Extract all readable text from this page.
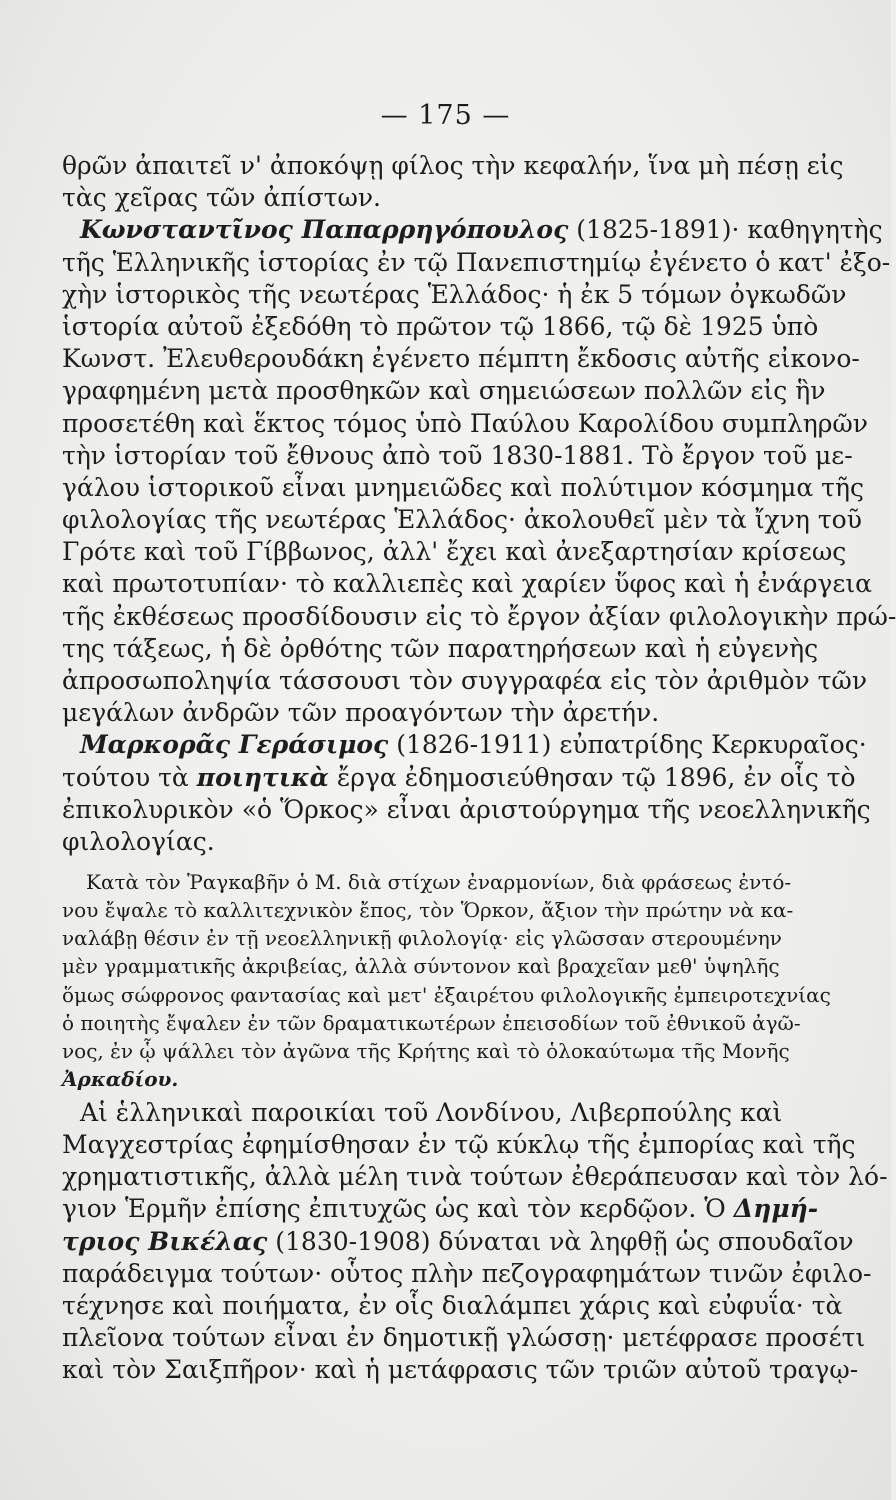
— 175 —
θρῶν ἀπαιτεῖ ν' ἀποκόψῃ φίλος τὴν κεφαλήν, ἵνα μὴ πέσῃ εἰς
τὰς χεῖρας τῶν ἀπίστων.
Κωνσταντῖνος Παπαρρηγόπουλος (1825-1891)· καθηγητὴς
τῆς Ἑλληνικῆς ἱστορίας ἐν τῷ Πανεπιστημίῳ ἐγένετο ὁ κατ' ἐξο-
χὴν ἱστορικὸς τῆς νεωτέρας Ἑλλάδος· ἡ ἐκ 5 τόμων ὀγκωδῶν
ἱστορία αὐτοῦ ἐξεδόθη τὸ πρῶτον τῷ 1866, τῷ δὲ 1925 ὑπὸ
Κωνστ. Ἐλευθερουδάκη ἐγένετο πέμπτη ἔκδοσις αὐτῆς εἰκονο-
γραφημένη μετὰ προσθηκῶν καὶ σημειώσεων πολλῶν εἰς ἣν
προσετέθη καὶ ἕκτος τόμος ὑπὸ Παύλου Καρολίδου συμπληρῶν
τὴν ἱστορίαν τοῦ ἔθνους ἀπὸ τοῦ 1830-1881. Τὸ ἔργον τοῦ με-
γάλου ἱστορικοῦ εἶναι μνημειῶδες καὶ πολύτιμον κόσμημα τῆς
φιλολογίας τῆς νεωτέρας Ἑλλάδος· ἀκολουθεῖ μὲν τὰ ἴχνη τοῦ
Γρότε καὶ τοῦ Γίββωνος, ἀλλ' ἔχει καὶ ἀνεξαρτησίαν κρίσεως
καὶ πρωτοτυπίαν· τὸ καλλιεπὲς καὶ χαρίεν ὕφος καὶ ἡ ἐνάργεια
τῆς ἐκθέσεως προσδίδουσιν εἰς τὸ ἔργον ἀξίαν φιλολογικὴν πρώ-
της τάξεως, ἡ δὲ ὀρθότης τῶν παρατηρήσεων καὶ ἡ εὐγενὴς
ἀπροσωποληψία τάσσουσι τὸν συγγραφέα εἰς τὸν ἀριθμὸν τῶν
μεγάλων ἀνδρῶν τῶν προαγόντων τὴν ἀρετήν.
Μαρκορᾶς Γεράσιμος (1826-1911) εὐπατρίδης Κερκυραῖος·
τούτου τὰ ποιητικὰ ἔργα ἐδημοσιεύθησαν τῷ 1896, ἐν οἷς τὸ
ἐπικολυρικὸν «ὁ Ὅρκος» εἶναι ἀριστούργημα τῆς νεοελληνικῆς
φιλολογίας.
Κατὰ τὸν Ῥαγκαβῆν ὁ Μ. διὰ στίχων ἐναρμονίων, διὰ φράσεως ἐντό-
νου ἔψαλε τὸ καλλιτεχνικὸν ἔπος, τὸν Ὅρκον, ἄξιον τὴν πρώτην νὰ κα-
ναλάβῃ θέσιν ἐν τῇ νεοελληνικῇ φιλολογίᾳ· εἰς γλῶσσαν στερουμένην
μὲν γραμματικῆς ἀκριβείας, ἀλλὰ σύντονον καὶ βραχεῖαν μεθ' ὑψηλῆς
ὅμως σώφρονος φαντασίας καὶ μετ' ἐξαιρέτου φιλολογικῆς ἐμπειροτεχνίας
ὁ ποιητὴς ἔψαλεν ἐν τῶν δραματικωτέρων ἐπεισοδίων τοῦ ἐθνικοῦ ἀγῶ-
νος, ἐν ᾧ ψάλλει τὸν ἀγῶνα τῆς Κρήτης καὶ τὸ ὁλοκαύτωμα τῆς Μονῆς
Ἀρκαδίου.
Αἱ ἑλληνικαὶ παροικίαι τοῦ Λονδίνου, Λιβερπούλης καὶ
Μαγχεστρίας ἐφημίσθησαν ἐν τῷ κύκλῳ τῆς ἐμπορίας καὶ τῆς
χρηματιστικῆς, ἀλλὰ μέλη τινὰ τούτων ἐθεράπευσαν καὶ τὸν λό-
γιον Ἑρμῆν ἐπίσης ἐπιτυχῶς ὡς καὶ τὸν κερδῷον. Ὁ Δημή-
τριος Βικέλας (1830-1908) δύναται νὰ ληφθῇ ὡς σπουδαῖον
παράδειγμα τούτων· οὗτος πλὴν πεζογραφημάτων τινῶν ἐφιλο-
τέχνησε καὶ ποιήματα, ἐν οἷς διαλάμπει χάρις καὶ εὐφυΐα· τὰ
πλεῖονα τούτων εἶναι ἐν δημοτικῇ γλώσσῃ· μετέφρασε προσέτι
καὶ τὸν Σαιξπῆρον· καὶ ἡ μετάφρασις τῶν τριῶν αὐτοῦ τραγῳ-
